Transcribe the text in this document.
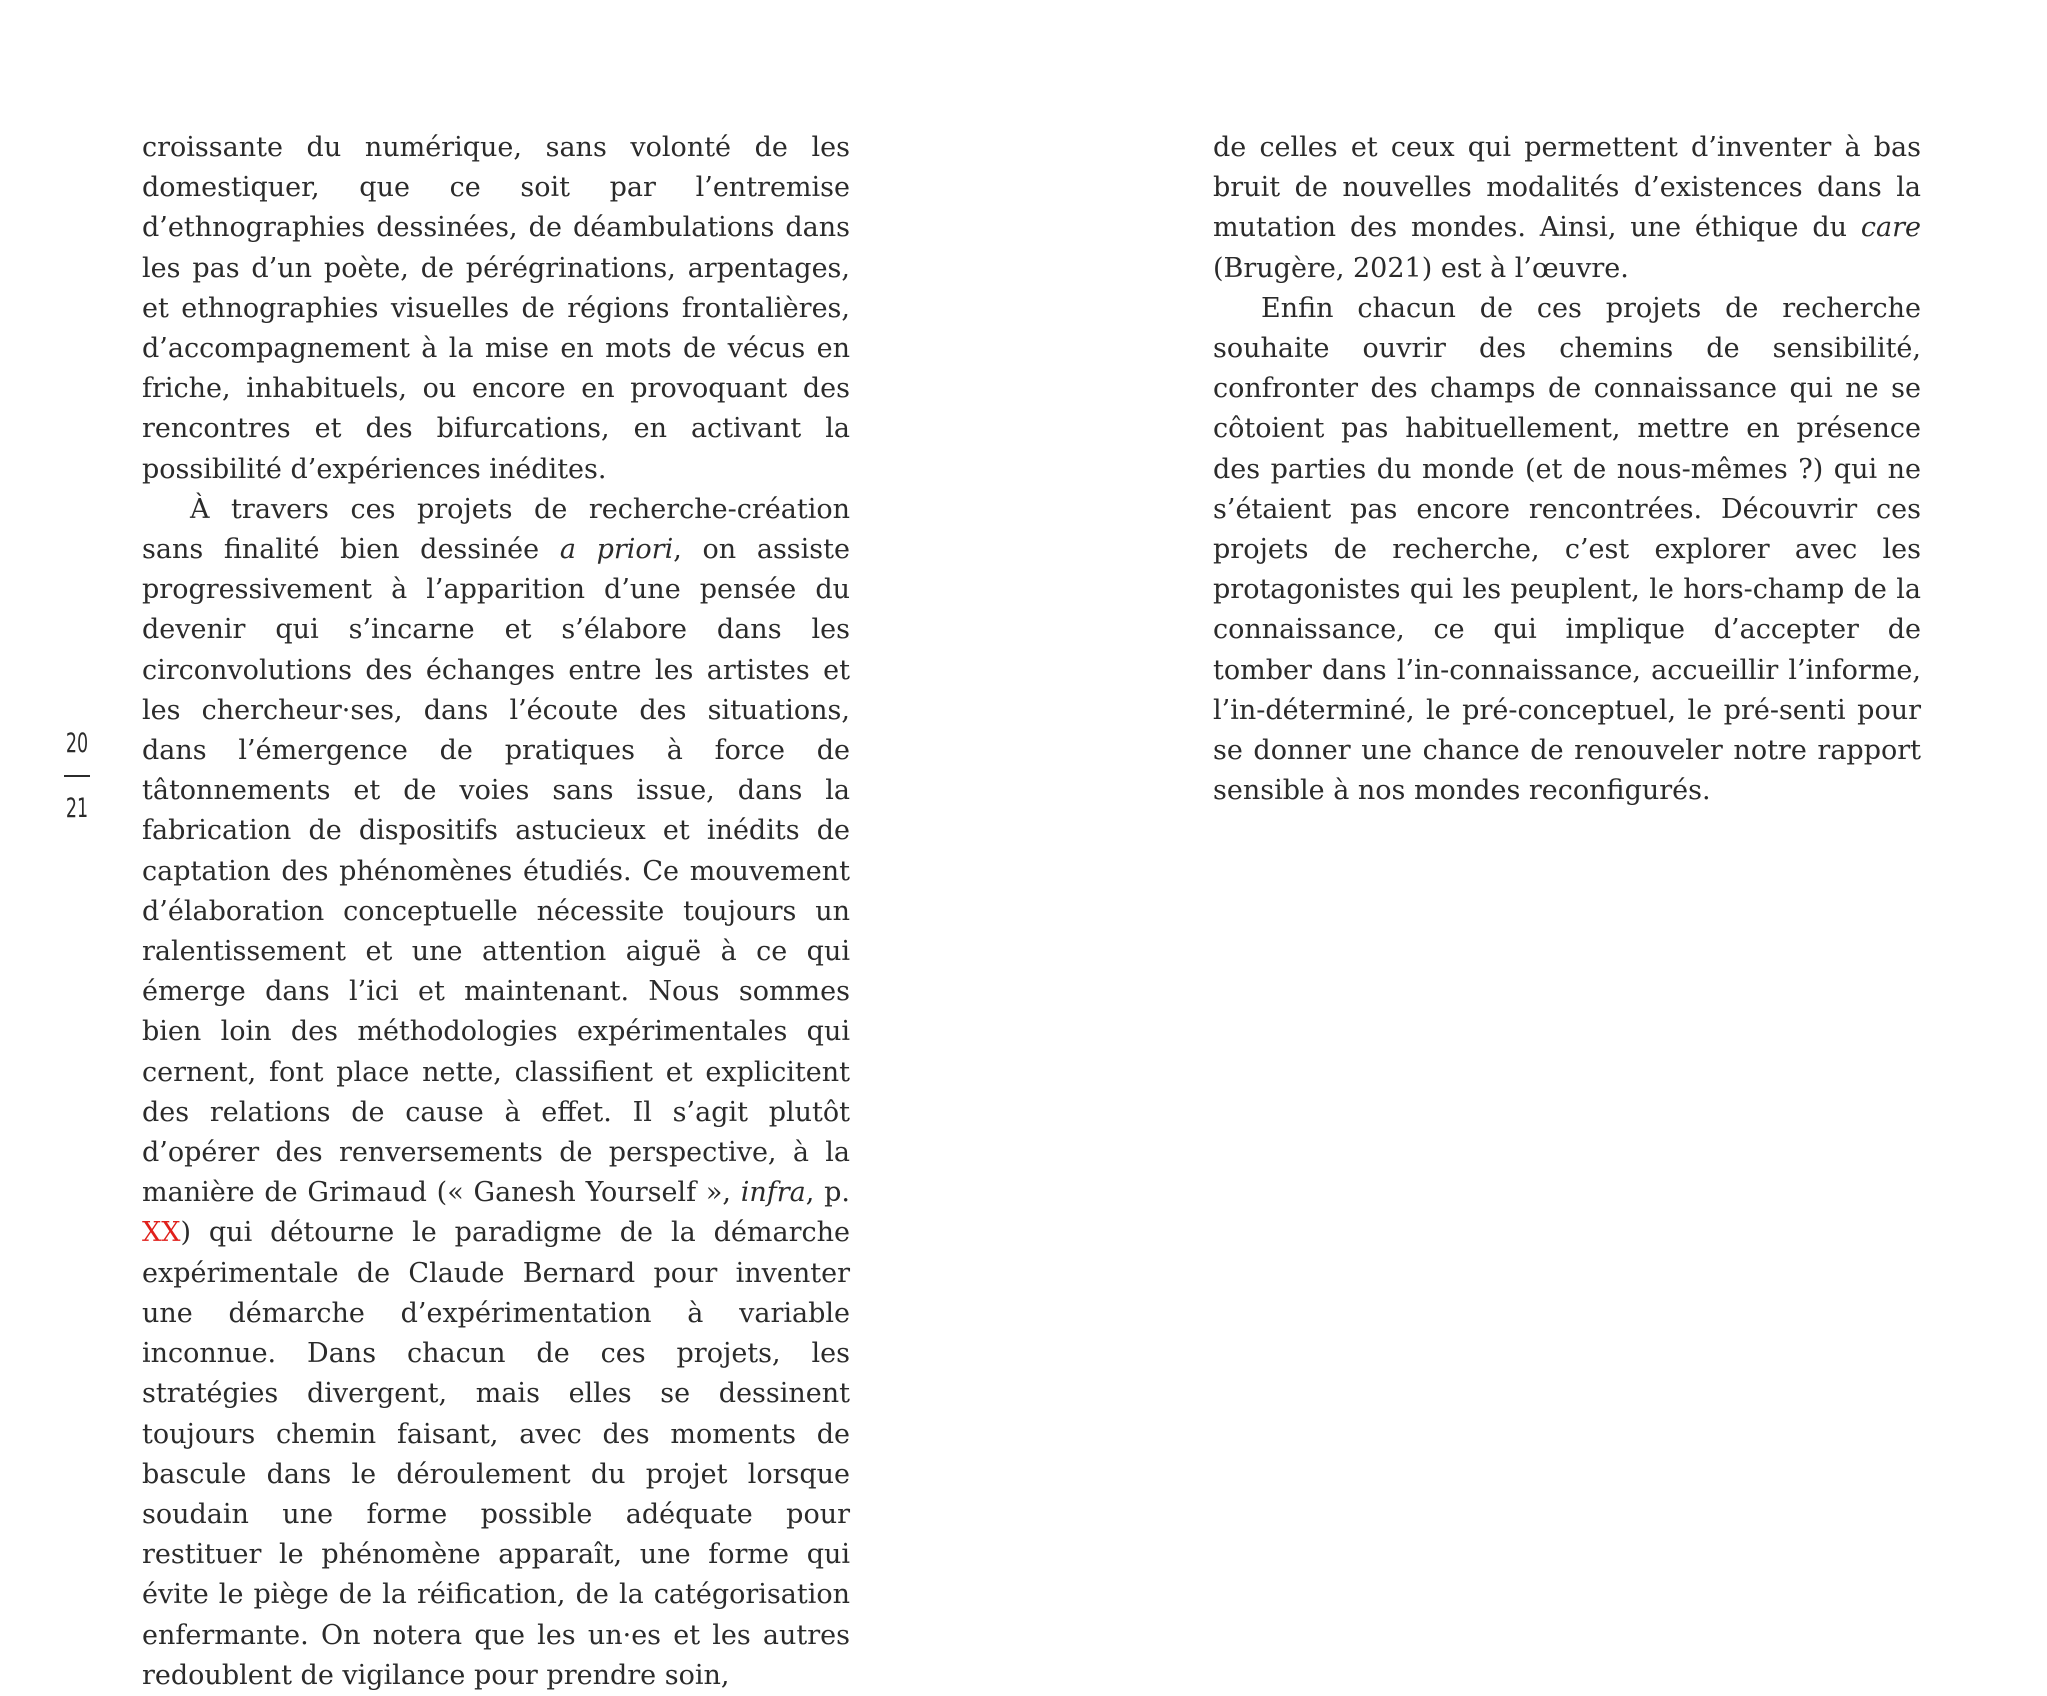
20
21

croissante du numérique, sans volonté de les domestiquer, que ce soit par l’entremise d’ethnographies dessinées, de déambulations dans les pas d’un poète, de pérégrinations, arpentages, et ethnographies visuelles de régions frontalières, d’accompagnement à la mise en mots de vécus en friche, inhabituels, ou encore en provoquant des rencontres et des bifurcations, en activant la possibilité d’expériences inédites.

À travers ces projets de recherche-création sans finalité bien dessinée a priori, on assiste progressivement à l’apparition d’une pensée du devenir qui s’incarne et s’élabore dans les circonvolutions des échanges entre les artistes et les chercheur·ses, dans l’écoute des situations, dans l’émergence de pratiques à force de tâtonnements et de voies sans issue, dans la fabrication de dispositifs astucieux et inédits de captation des phénomènes étudiés. Ce mouvement d’élaboration conceptuelle nécessite toujours un ralentissement et une attention aiguë à ce qui émerge dans l’ici et maintenant. Nous sommes bien loin des méthodologies expérimentales qui cernent, font place nette, classifient et explicitent des relations de cause à effet. Il s’agit plutôt d’opérer des renversements de perspective, à la manière de Grimaud (« Ganesh Yourself », infra, p. XX) qui détourne le paradigme de la démarche expérimentale de Claude Bernard pour inventer une démarche d’expérimentation à variable inconnue. Dans chacun de ces projets, les stratégies divergent, mais elles se dessinent toujours chemin faisant, avec des moments de bascule dans le déroulement du projet lorsque soudain une forme possible adéquate pour restituer le phénomène apparaît, une forme qui évite le piège de la réification, de la catégorisation enfermante. On notera que les un·es et les autres redoublent de vigilance pour prendre soin,

de celles et ceux qui permettent d’inventer à bas bruit de nouvelles modalités d’existences dans la mutation des mondes. Ainsi, une éthique du care (Brugère, 2021) est à l’œuvre.

Enfin chacun de ces projets de recherche souhaite ouvrir des chemins de sensibilité, confronter des champs de connaissance qui ne se côtoient pas habituellement, mettre en présence des parties du monde (et de nous-mêmes ?) qui ne s’étaient pas encore rencontrées. Découvrir ces projets de recherche, c’est explorer avec les protagonistes qui les peuplent, le hors-champ de la connaissance, ce qui implique d’accepter de tomber dans l’in-connaissance, accueillir l’informe, l’in-déterminé, le pré-conceptuel, le pré-senti pour se donner une chance de renouveler notre rapport sensible à nos mondes reconfigurés.
